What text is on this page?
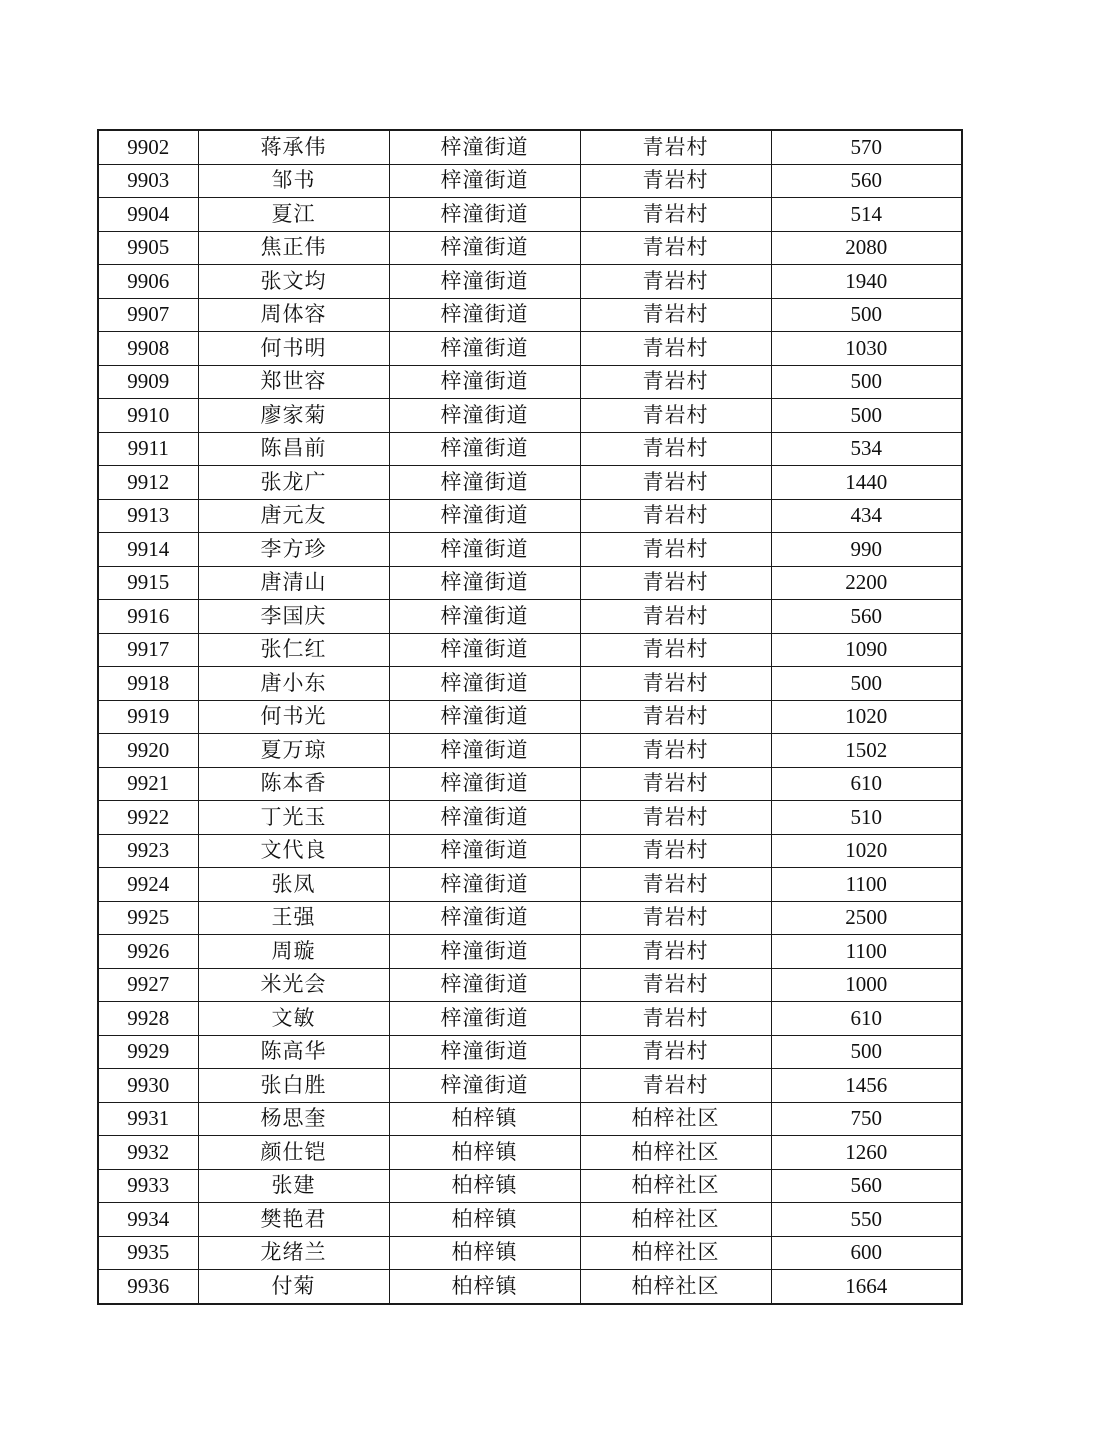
9902	蒋承伟	梓潼街道	青岩村	570
9903	邹书	梓潼街道	青岩村	560
9904	夏江	梓潼街道	青岩村	514
9905	焦正伟	梓潼街道	青岩村	2080
9906	张文均	梓潼街道	青岩村	1940
9907	周体容	梓潼街道	青岩村	500
9908	何书明	梓潼街道	青岩村	1030
9909	郑世容	梓潼街道	青岩村	500
9910	廖家菊	梓潼街道	青岩村	500
9911	陈昌前	梓潼街道	青岩村	534
9912	张龙广	梓潼街道	青岩村	1440
9913	唐元友	梓潼街道	青岩村	434
9914	李方珍	梓潼街道	青岩村	990
9915	唐清山	梓潼街道	青岩村	2200
9916	李国庆	梓潼街道	青岩村	560
9917	张仁红	梓潼街道	青岩村	1090
9918	唐小东	梓潼街道	青岩村	500
9919	何书光	梓潼街道	青岩村	1020
9920	夏万琼	梓潼街道	青岩村	1502
9921	陈本香	梓潼街道	青岩村	610
9922	丁光玉	梓潼街道	青岩村	510
9923	文代良	梓潼街道	青岩村	1020
9924	张凤	梓潼街道	青岩村	1100
9925	王强	梓潼街道	青岩村	2500
9926	周璇	梓潼街道	青岩村	1100
9927	米光会	梓潼街道	青岩村	1000
9928	文敏	梓潼街道	青岩村	610
9929	陈高华	梓潼街道	青岩村	500
9930	张白胜	梓潼街道	青岩村	1456
9931	杨思奎	柏梓镇	柏梓社区	750
9932	颜仕铠	柏梓镇	柏梓社区	1260
9933	张建	柏梓镇	柏梓社区	560
9934	樊艳君	柏梓镇	柏梓社区	550
9935	龙绪兰	柏梓镇	柏梓社区	600
9936	付菊	柏梓镇	柏梓社区	1664
